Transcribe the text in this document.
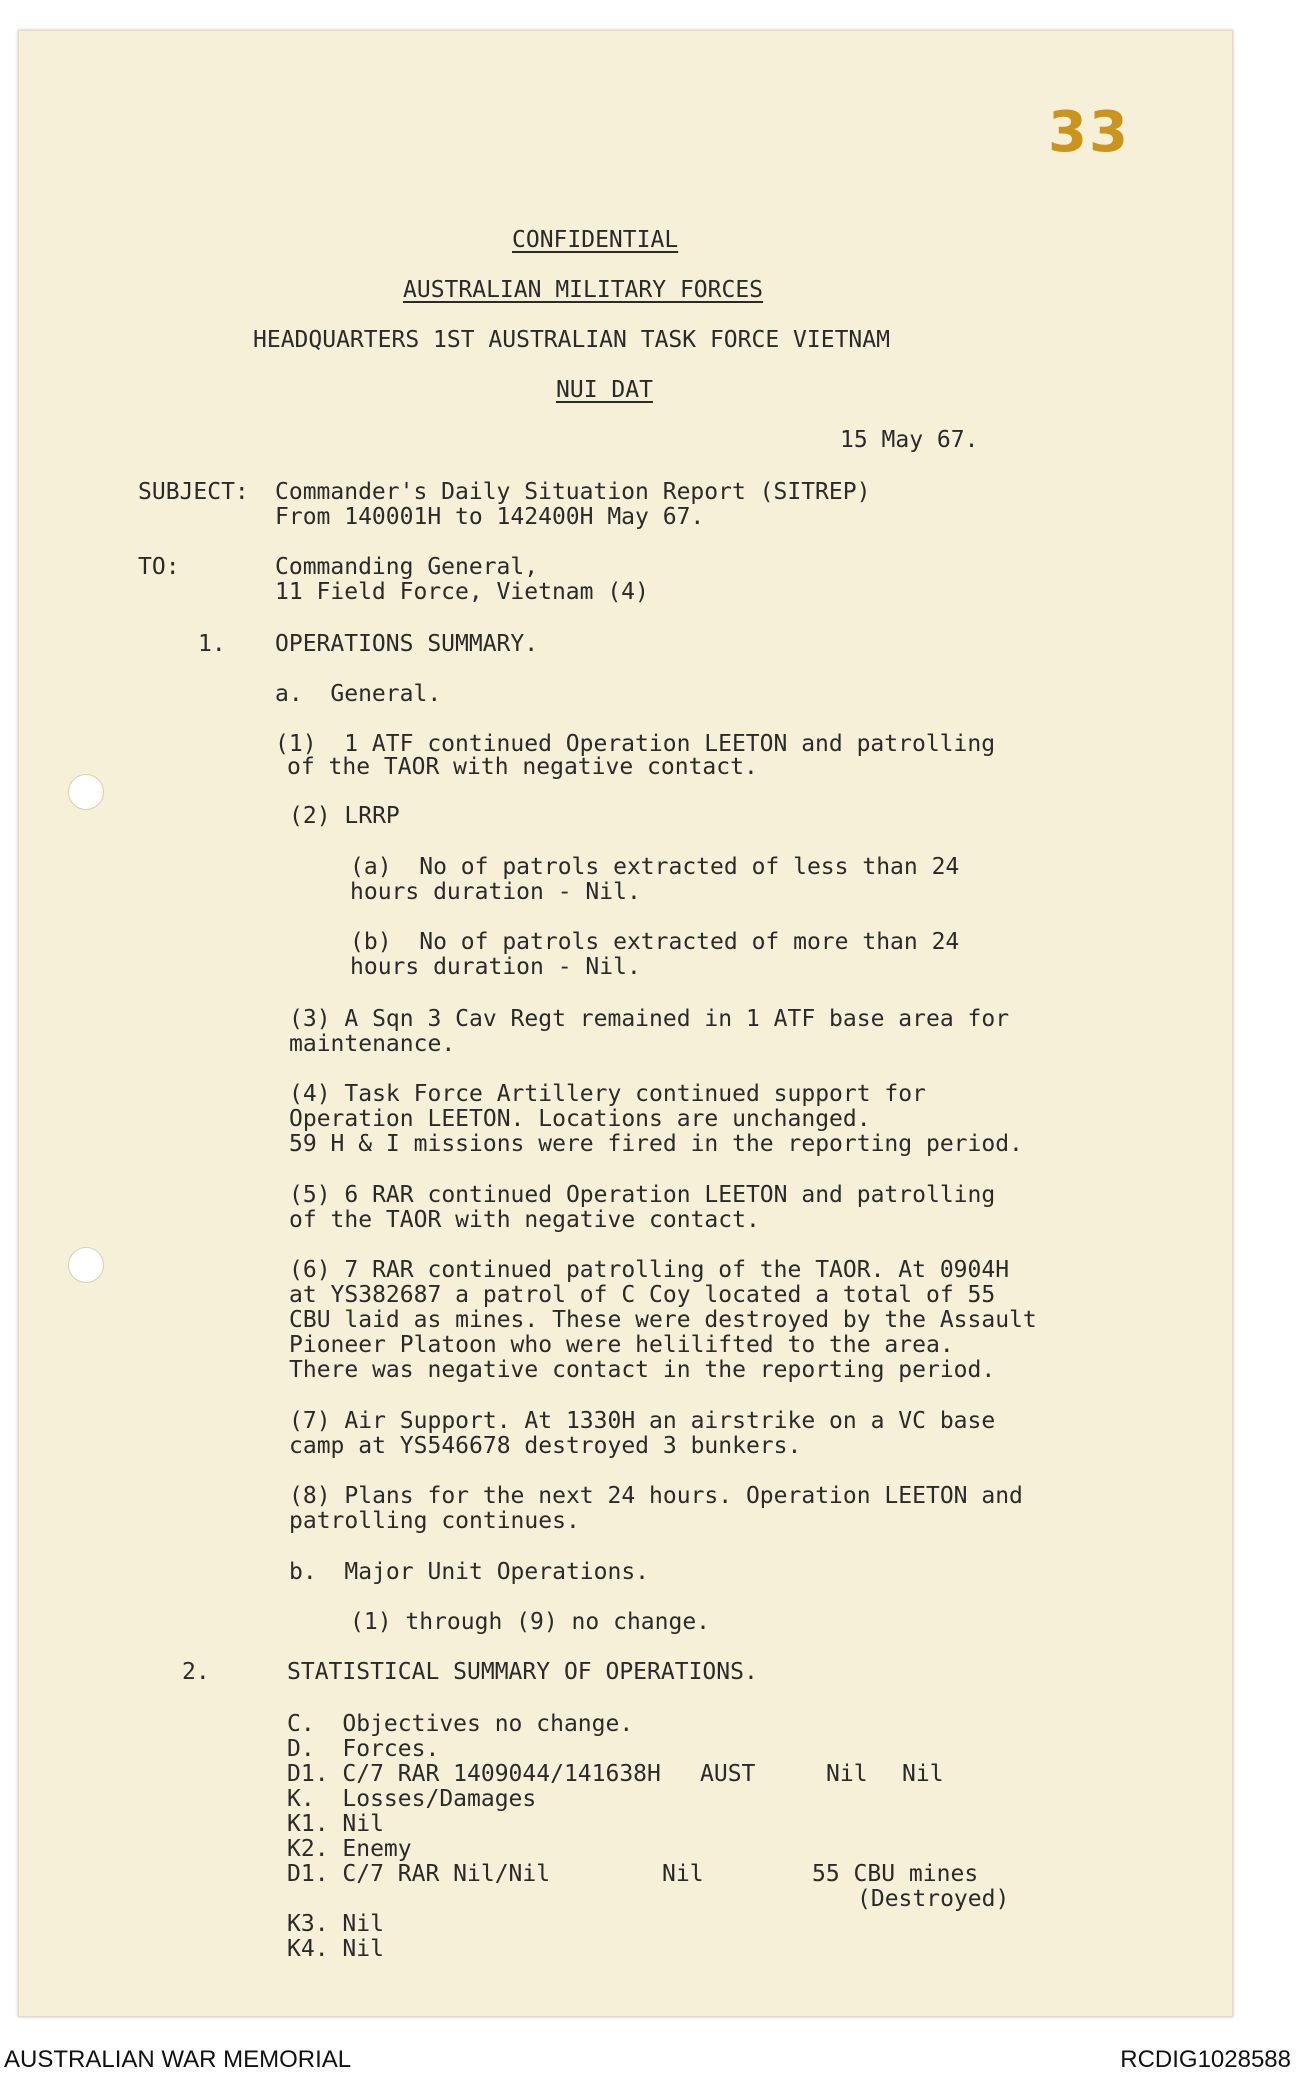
33
CONFIDENTIAL
AUSTRALIAN MILITARY FORCES
HEADQUARTERS 1ST AUSTRALIAN TASK FORCE VIETNAM
NUI DAT
15 May 67.
SUBJECT: Commander's Daily Situation Report (SITREP)
From 140001H to 142400H May 67.
TO:	Commanding General,
11 Field Force, Vietnam (4)
1. OPERATIONS SUMMARY.
a.  General.
(1)  1 ATF continued Operation LEETON and patrolling
of the TAOR with negative contact.
(2) LRRP
(a)  No of patrols extracted of less than 24
hours duration - Nil.
(b)  No of patrols extracted of more than 24
hours duration - Nil.
(3) A Sqn 3 Cav Regt remained in 1 ATF base area for
maintenance.
(4) Task Force Artillery continued support for
Operation LEETON. Locations are unchanged.
59 H & I missions were fired in the reporting period.
(5) 6 RAR continued Operation LEETON and patrolling
of the TAOR with negative contact.
(6) 7 RAR continued patrolling of the TAOR. At 0904H
at YS382687 a patrol of C Coy located a total of 55
CBU laid as mines. These were destroyed by the Assault
Pioneer Platoon who were helilifted to the area.
There was negative contact in the reporting period.
(7) Air Support. At 1330H an airstrike on a VC base
camp at YS546678 destroyed 3 bunkers.
(8) Plans for the next 24 hours. Operation LEETON and
patrolling continues.
b.  Major Unit Operations.
(1) through (9) no change.
2.	STATISTICAL SUMMARY OF OPERATIONS.
C.  Objectives no change.
D.  Forces.
D1. C/7 RAR 1409044/141638H AUST	Nil Nil
K.  Losses/Damages
K1. Nil
K2. Enemy
D1. C/7 RAR Nil/Nil	Nil	55 CBU mines
(Destroyed)
K3. Nil
K4. Nil
AUSTRALIAN WAR MEMORIAL	RCDIG1028588
